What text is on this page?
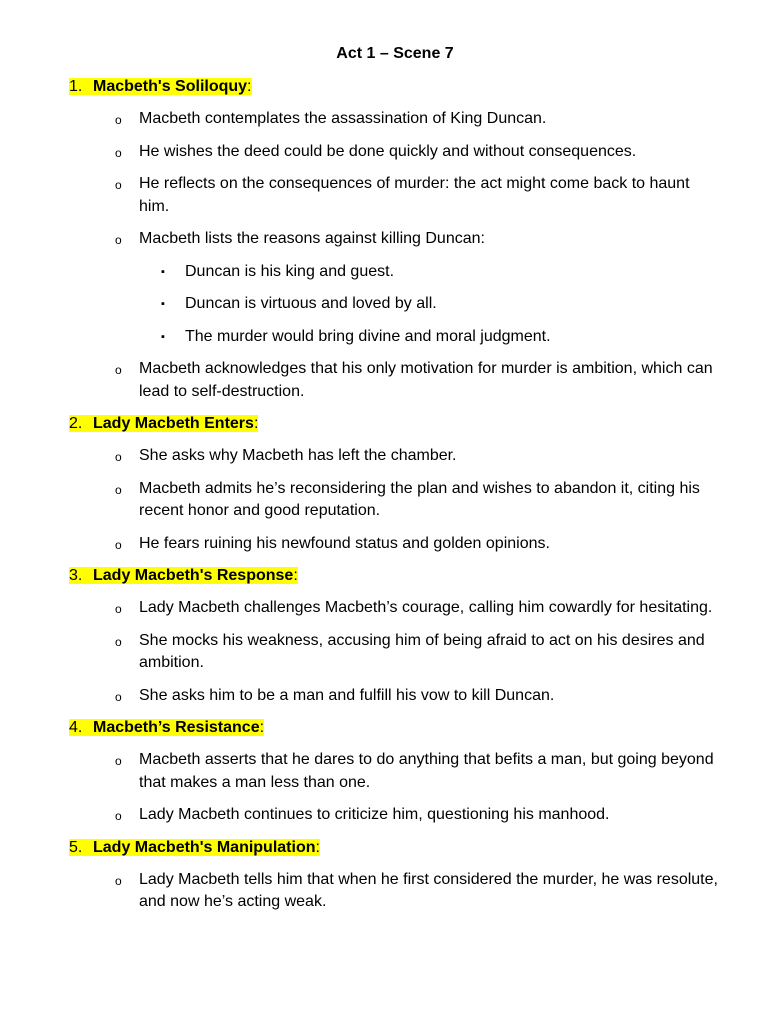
Act 1 – Scene 7
1. Macbeth's Soliloquy:
o Macbeth contemplates the assassination of King Duncan.
o He wishes the deed could be done quickly and without consequences.
o He reflects on the consequences of murder: the act might come back to haunt him.
o Macbeth lists the reasons against killing Duncan:
▪ Duncan is his king and guest.
▪ Duncan is virtuous and loved by all.
▪ The murder would bring divine and moral judgment.
o Macbeth acknowledges that his only motivation for murder is ambition, which can lead to self-destruction.
2. Lady Macbeth Enters:
o She asks why Macbeth has left the chamber.
o Macbeth admits he’s reconsidering the plan and wishes to abandon it, citing his recent honor and good reputation.
o He fears ruining his newfound status and golden opinions.
3. Lady Macbeth's Response:
o Lady Macbeth challenges Macbeth’s courage, calling him cowardly for hesitating.
o She mocks his weakness, accusing him of being afraid to act on his desires and ambition.
o She asks him to be a man and fulfill his vow to kill Duncan.
4. Macbeth’s Resistance:
o Macbeth asserts that he dares to do anything that befits a man, but going beyond that makes a man less than one.
o Lady Macbeth continues to criticize him, questioning his manhood.
5. Lady Macbeth's Manipulation:
o Lady Macbeth tells him that when he first considered the murder, he was resolute, and now he’s acting weak.
